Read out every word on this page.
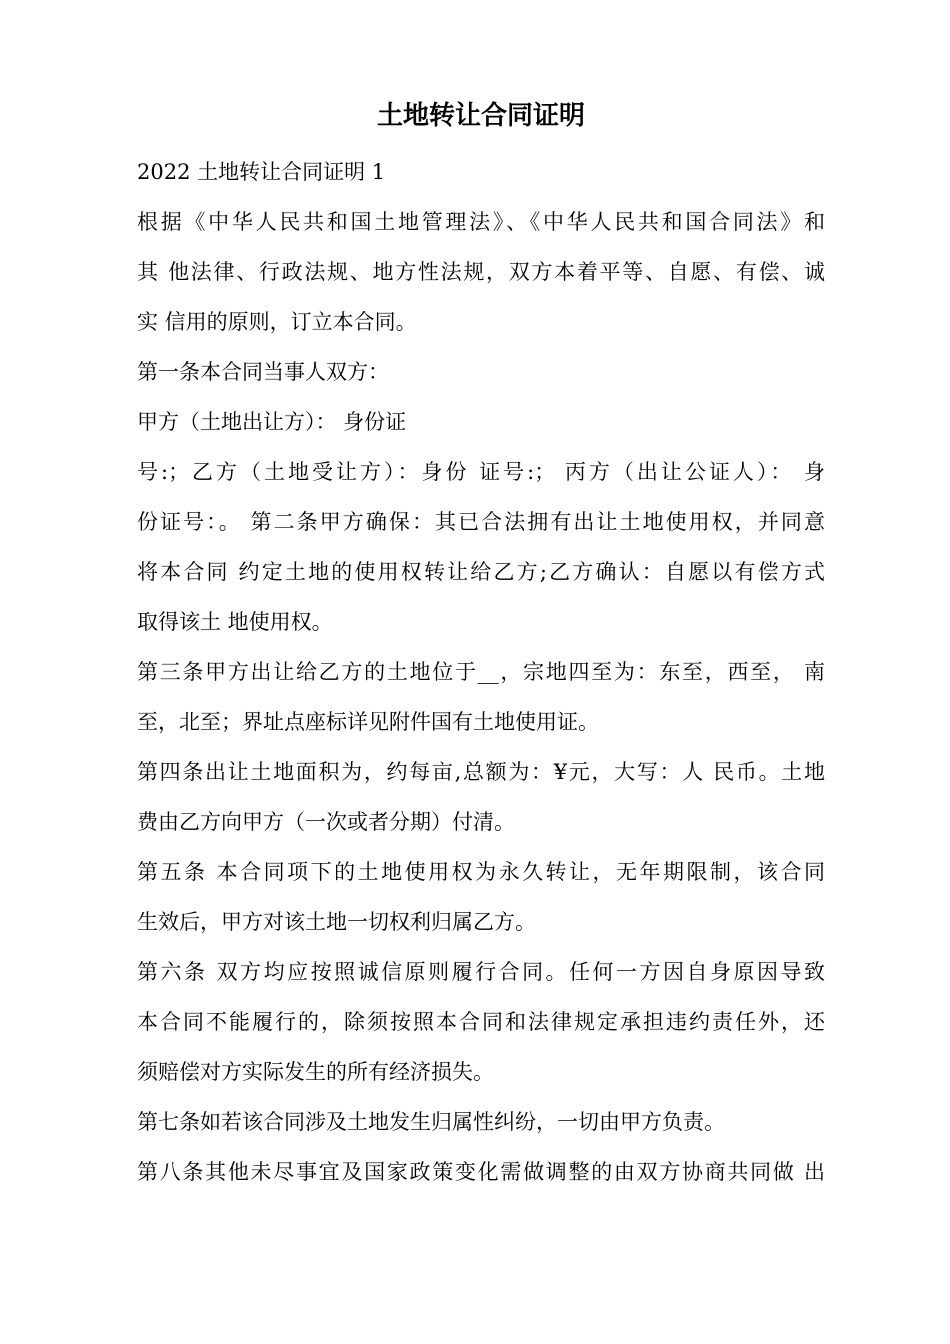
土地转让合同证明
2022 土地转让合同证明 1
根据《中华人民共和国土地管理法》、《中华人民共和国合同法》和
其 他法律、行政法规、地方性法规，双方本着平等、自愿、有偿、诚
实 信用的原则，订立本合同。
第一条本合同当事人双方：
甲方（土地出让方）： 身份证
号:；乙方（土地受让方）：身份 证号:； 丙方（出让公证人）： 身
份证号：。 第二条甲方确保：其已合法拥有出让土地使用权，并同意
将本合同 约定土地的使用权转让给乙方;乙方确认：自愿以有偿方式
取得该土 地使用权。
第三条甲方出让给乙方的土地位于__，宗地四至为：东至，西至， 南
至，北至；界址点座标详见附件国有土地使用证。
第四条出让土地面积为，约每亩,总额为：¥元，大写：人 民币。土地
费由乙方向甲方（一次或者分期）付清。
第五条 本合同项下的土地使用权为永久转让，无年期限制，该合同
生效后，甲方对该土地一切权利归属乙方。
第六条 双方均应按照诚信原则履行合同。任何一方因自身原因导致
本合同不能履行的，除须按照本合同和法律规定承担违约责任外，还
须赔偿对方实际发生的所有经济损失。
第七条如若该合同涉及土地发生归属性纠纷，一切由甲方负责。
第八条其他未尽事宜及国家政策变化需做调整的由双方协商共同做 出
